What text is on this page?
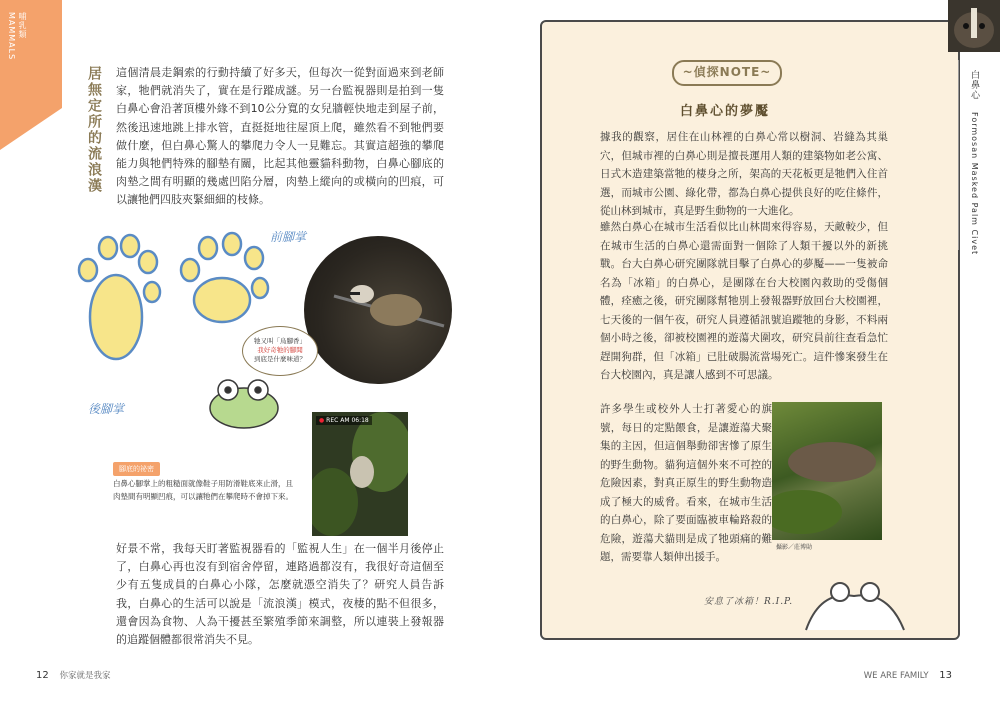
哺乳類
MAMMALS
居無定所的流浪漢 這個清晨走鋼索的行動持續了好多天，但每次一從對面過來到老師家，牠們就消失了，實在是行蹤成謎。另一台監視器則是拍到一隻白鼻心會沿著頂樓外緣不到10公分寬的女兒牆輕快地走到屋子前，然後迅速地跳上排水管，直挺挺地往屋頂上爬，雖然看不到牠們要做什麼，但白鼻心驚人的攀爬力令人一見難忘。其實這超強的攀爬能力與牠們特殊的腳墊有關，比起其他靈貓科動物，白鼻心腳底的肉墊之間有明顯的幾處凹陷分層，肉墊上縱向的或橫向的凹痕，可以讓牠們四肢夾緊細細的枝條。
前腳掌
後腳掌
牠又叫「烏腳香」
我好奇牠的腳聞
到底是什麼味道？
● REC AM 06:18
腳底的祕密
白鼻心腳掌上的粗糙面就像鞋子用防滑鞋底來止滑，且肉墊間有明顯凹痕，可以讓牠們在攀爬時不會掉下來。
好景不常，我每天盯著監視器看的「監視人生」在一個半月後停止了，白鼻心再也沒有到宿舍停留，連路過都沒有，我很好奇這個至少有五隻成員的白鼻心小隊，怎麼就憑空消失了？研究人員告訴我，白鼻心的生活可以說是「流浪漢」模式，夜棲的點不但很多，還會因為食物、人為干擾甚至繁殖季節來調整，所以連裝上發報器的追蹤個體都很常消失不見。
12 你家就是我家
~偵探NOTE~
白鼻心的夢魘
據我的觀察，居住在山林裡的白鼻心常以樹洞、岩縫為其巢穴，但城市裡的白鼻心則是擅長運用人類的建築物如老公寓、日式木造建築當牠的棲身之所，架高的天花板更是牠們入住首選，而城市公園、綠化帶，都為白鼻心提供良好的吃住條件，從山林到城市，真是野生動物的一大進化。
雖然白鼻心在城市生活看似比山林間來得容易，天敵較少，但在城市生活的白鼻心還需面對一個除了人類干擾以外的新挑戰。台大白鼻心研究團隊就目擊了白鼻心的夢魘——一隻被命名為「冰箱」的白鼻心，是團隊在台大校園內救助的受傷個體，痊癒之後，研究團隊幫牠別上發報器野放回台大校園裡，七天後的一個午夜，研究人員遵循訊號追蹤牠的身影，不料兩個小時之後，卻被校園裡的遊蕩犬圍攻，研究員前往查看急忙趕開狗群，但「冰箱」已肚破腸流當場死亡。這件慘案發生在台大校園內，真是讓人感到不可思議。
許多學生或校外人士打著愛心的旗號，每日的定點餵食，是讓遊蕩犬聚集的主因，但這個舉動卻害慘了原生的野生動物。貓狗這個外來不可控的危險因素，對真正原生的野生動物造成了極大的威脅。看來，在城市生活的白鼻心，除了要面臨被車輪路殺的危險，遊蕩犬貓則是成了牠頭痛的難題，需要靠人類伸出援手。
攝影／莊博勛
安息了冰箱！R.I.P.
白鼻心 Formosan Masked Palm Civet
WE ARE FAMILY 13
